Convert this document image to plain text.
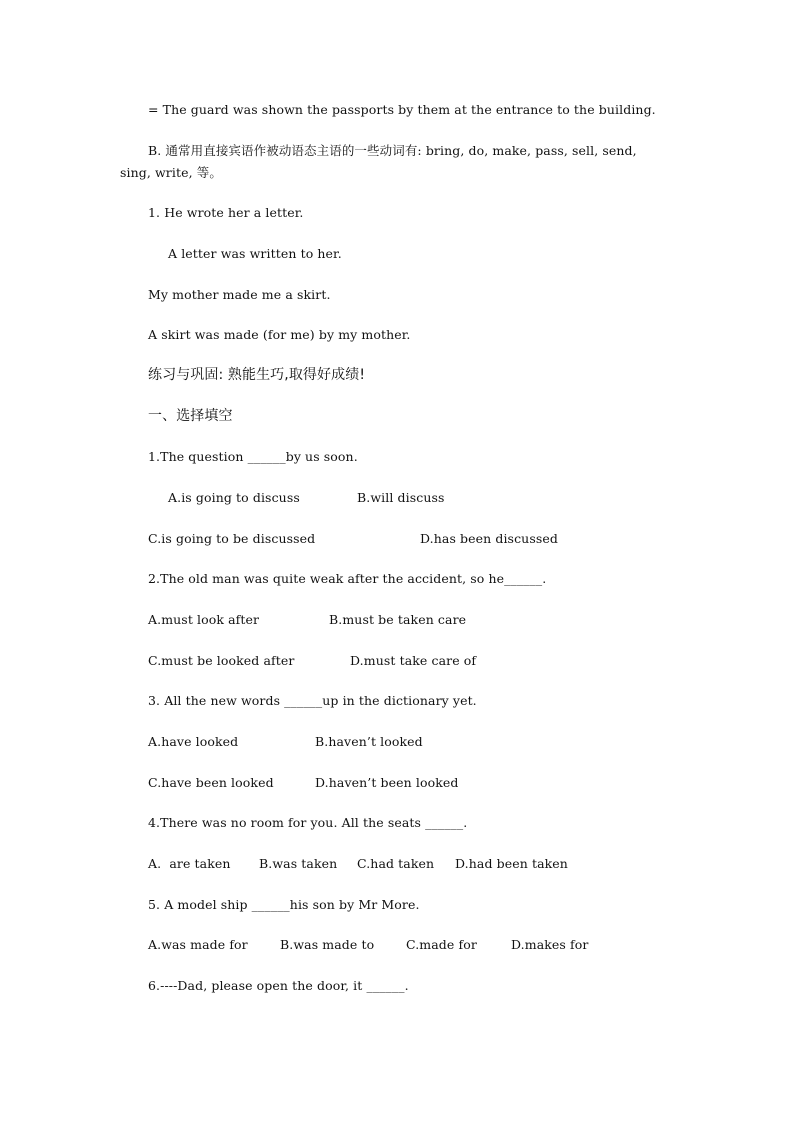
= The guard was shown the passports by them at the entrance to the building.
B. 通常用直接宾语作被动语态主语的一些动词有: bring, do, make, pass, sell, send, sing, write, 等。
1. He wrote her a letter.
A letter was written to her.
My mother made me a skirt.
A skirt was made (for me) by my mother.
练习与巩固: 熟能生巧,取得好成绩!
一、选择填空
1.The question ______by us soon.
A.is going to discuss	B.will discuss
C.is going to be discussed	D.has been discussed
2.The old man was quite weak after the accident, so he______.
A.must look after	B.must be taken care
C.must be looked after	D.must take care of
3. All the new words ______up in the dictionary yet.
A.have looked	B.haven’t looked
C.have been looked	D.haven’t been looked
4.There was no room for you. All the seats ______.
A.  are taken B.was taken C.had taken D.had been taken
5. A model ship ______his son by Mr More.
A.was made for	B.was made to	C.made for	D.makes for
6.----Dad, please open the door, it ______.
